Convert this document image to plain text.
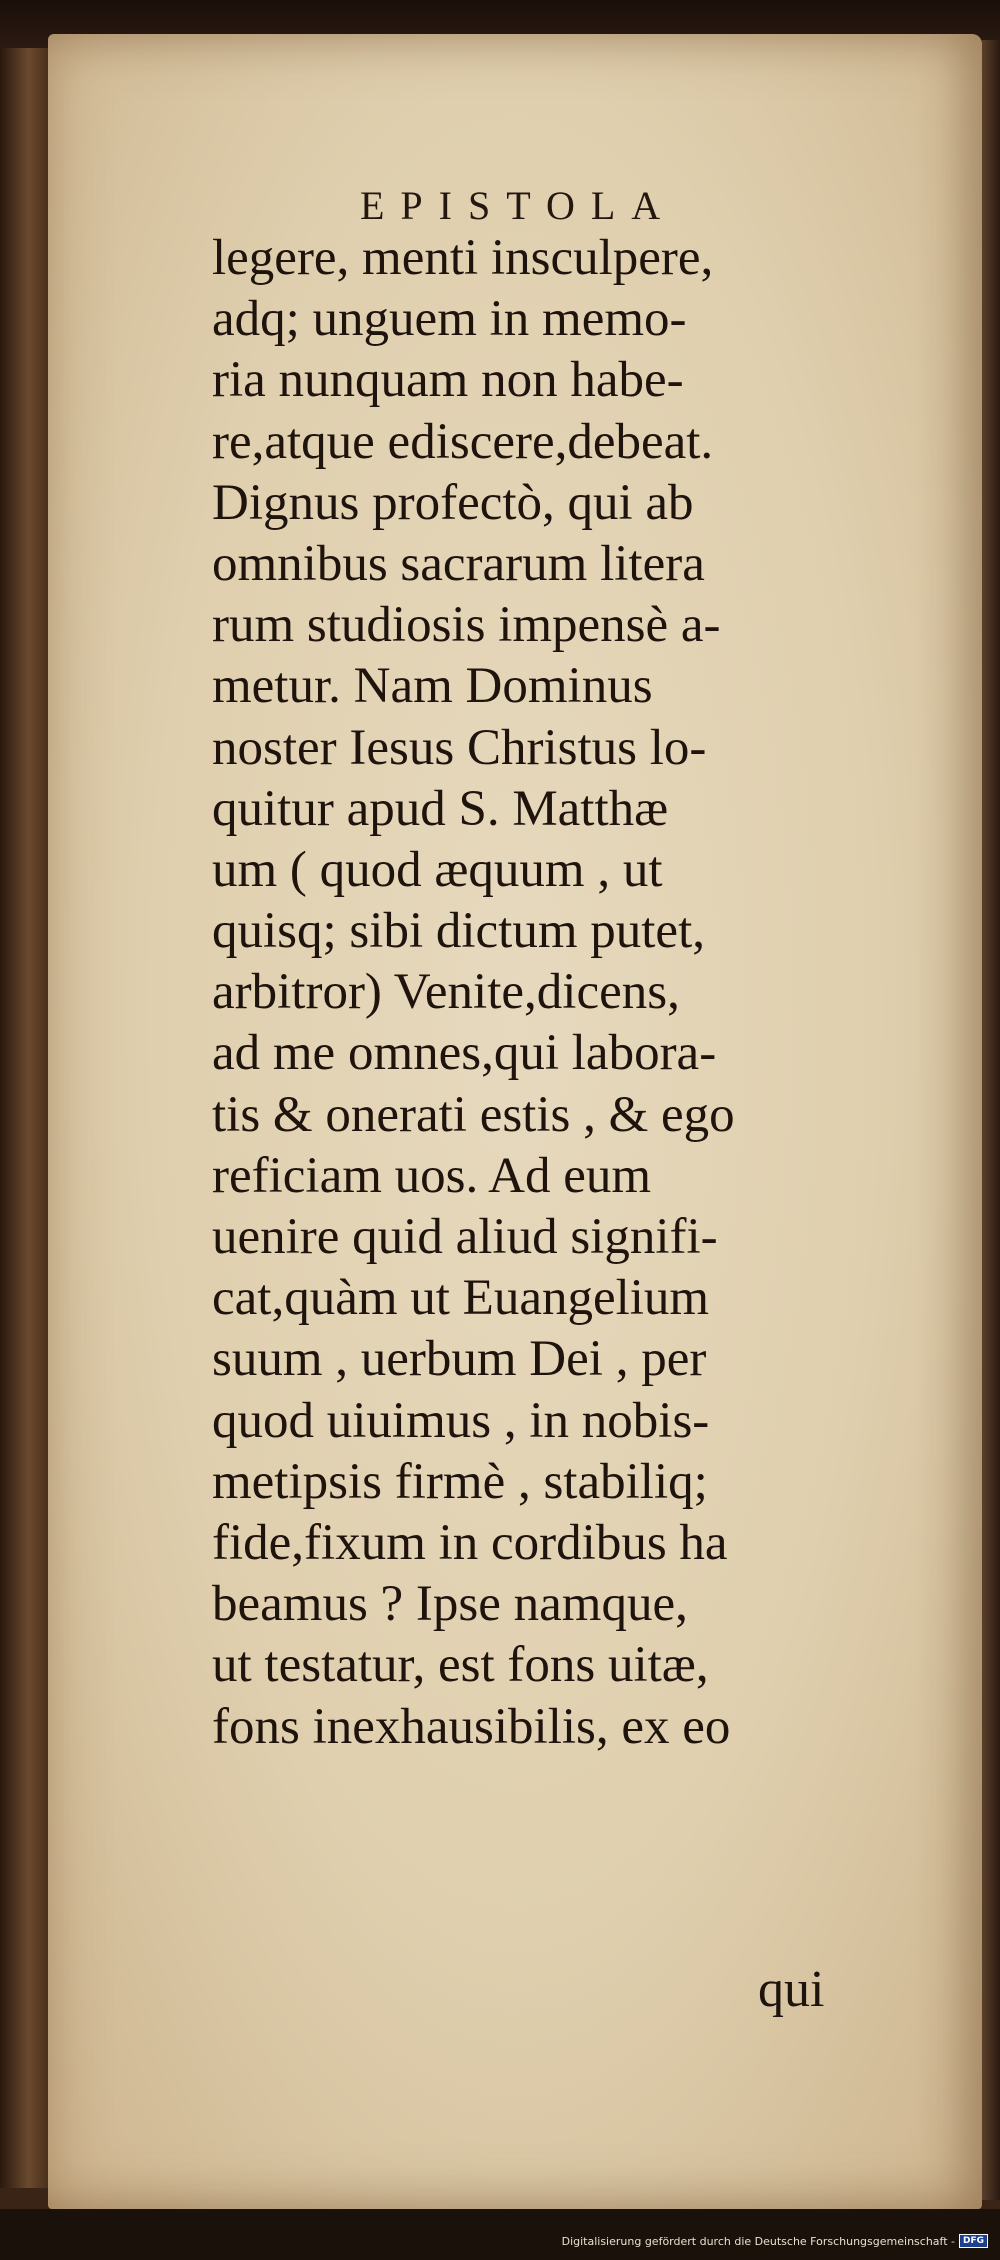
EPISTOLA
legere, menti insculpere,
adq; unguem in memo-
ria nunquam non habe-
re,atque ediscere,debeat.
Dignus profectò, qui ab
omnibus sacrarum litera
rum studiosis impensè a-
metur. Nam Dominus
noster Iesus Christus lo-
quitur apud S. Matthæ
um ( quod æquum , ut
quisq; sibi dictum putet,
arbitror) Venite,dicens,
ad me omnes,qui labora-
tis & onerati estis , & ego
reficiam uos. Ad eum
uenire quid aliud signifi-
cat,quàm ut Euangelium
suum , uerbum Dei , per
quod uiuimus , in nobis-
metipsis firmè , stabiliq;
fide,fixum in cordibus ha
beamus ? Ipse namque,
ut testatur, est fons uitæ,
fons inexhausibilis, ex eo
qui
Digitalisierung gefördert durch die Deutsche Forschungsgemeinschaft - DFG
